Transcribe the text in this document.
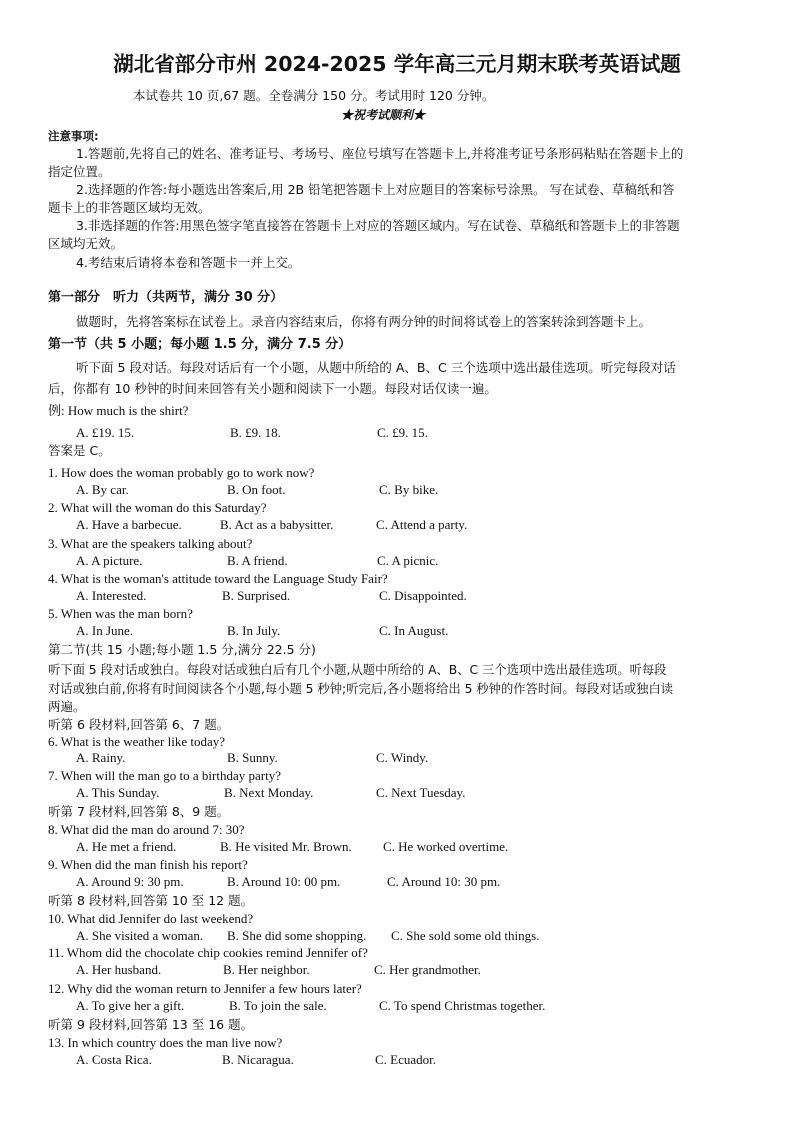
湖北省部分市州 2024-2025 学年高三元月期末联考英语试题
本试卷共 10 页,67 题。全卷满分 150 分。考试用时 120 分钟。
★祝考试顺利★
注意事项:
1.答题前,先将自己的姓名、准考证号、考场号、座位号填写在答题卡上,并将准考证号条形码粘贴在答题卡上的
指定位置。
2.选择题的作答:每小题选出答案后,用 2B 铅笔把答题卡上对应题目的答案标号涂黑。 写在试卷、草稿纸和答
题卡上的非答题区域均无效。
3.非选择题的作答:用黑色签字笔直接答在答题卡上对应的答题区域内。写在试卷、草稿纸和答题卡上的非答题
区域均无效。
4.考结束后请将本卷和答题卡一并上交。
第一部分　听力（共两节，满分 30 分）
做题时，先将答案标在试卷上。录音内容结束后，你将有两分钟的时间将试卷上的答案转涂到答题卡上。
第一节（共 5 小题；每小题 1.5 分，满分 7.5 分）
听下面 5 段对话。每段对话后有一个小题，从题中所给的 A、B、C 三个选项中选出最佳选项。听完每段对话
后，你都有 10 秒钟的时间来回答有关小题和阅读下一小题。每段对话仅读一遍。
例: How much is the shirt?
A. £19. 15.	B. £9. 18.	C. £9. 15.
答案是 C。
1. How does the woman probably go to work now?
A. By car.	B. On foot.	C. By bike.
2. What will the woman do this Saturday?
A. Have a barbecue.	B. Act as a babysitter.	C. Attend a party.
3. What are the speakers talking about?
A. A picture.	B. A friend.	C. A picnic.
4. What is the woman's attitude toward the Language Study Fair?
A. Interested.	B. Surprised.	C. Disappointed.
5. When was the man born?
A. In June.	B. In July.	C. In August.
第二节(共 15 小题;每小题 1.5 分,满分 22.5 分)
听下面 5 段对话或独白。每段对话或独白后有几个小题,从题中所给的 A、B、C 三个选项中选出最佳选项。听每段
对话或独白前,你将有时间阅读各个小题,每小题 5 秒钟;听完后,各小题将给出 5 秒钟的作答时间。每段对话或独白读
两遍。
听第 6 段材料,回答第 6、7 题。
6. What is the weather like today?
A. Rainy.	B. Sunny.	C. Windy.
7. When will the man go to a birthday party?
A. This Sunday.	B. Next Monday.	C. Next Tuesday.
听第 7 段材料,回答第 8、9 题。
8. What did the man do around 7: 30?
A. He met a friend.	B. He visited Mr. Brown. C. He worked overtime.
9. When did the man finish his report?
A. Around 9: 30 pm.	B. Around 10: 00 pm.	C. Around 10: 30 pm.
听第 8 段材料,回答第 10 至 12 题。
10. What did Jennifer do last weekend?
A. She visited a woman. B. She did some shopping. C. She sold some old things.
11. Whom did the chocolate chip cookies remind Jennifer of?
A. Her husband.	B. Her neighbor.	C. Her grandmother.
12. Why did the woman return to Jennifer a few hours later?
A. To give her a gift.	B. To join the sale.	C. To spend Christmas together.
听第 9 段材料,回答第 13 至 16 题。
13. In which country does the man live now?
A. Costa Rica.	B. Nicaragua.	C. Ecuador.
